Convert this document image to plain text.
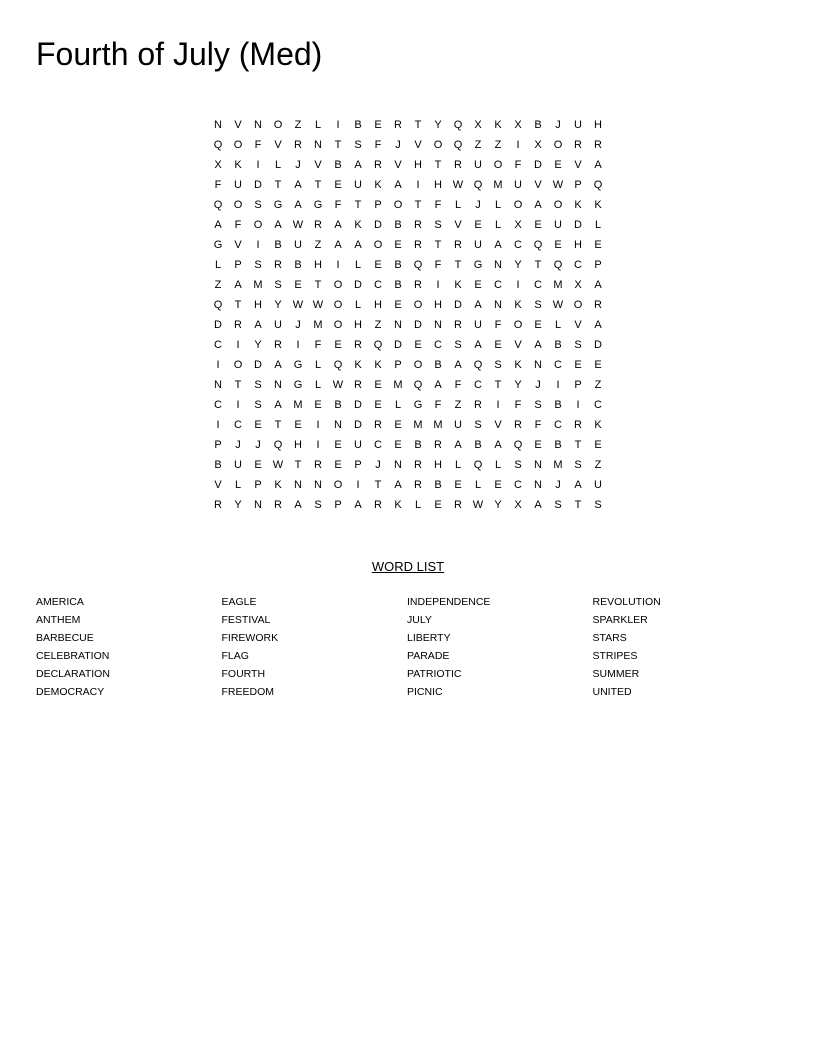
Fourth of July (Med)
N	V	N	O	Z	L	I	B	E	R	T	Y	Q	X	K	X	B	J	U	H
Q	O	F	V	R	N	T	S	F	J	V	O	Q	Z	Z	I	X	O	R	R
X	K	I	L	J	V	B	A	R	V	H	T	R	U	O	F	D	E	V	A
F	U	D	T	A	T	E	U	K	A	I	H W Q	M	U	V	W	P	Q
Q	O	S	G	A	G	F	T	P	O	T	F	L	J	L	O	A	O	K	K
A	F	O	A	W R	A	K	D	B	R	S	V	E	L	X	E	U	D	L
G	V	I	B	U	Z	A	A	O	E	R	T	R	U	A	C	Q	E	H	E
L	P	S	R	B	H	I	L	E	B	Q	F	T	G	N	Y	T	Q	C	P
Z	A	M	S	E	T	O	D	C	B	R	I	K	E	C	I	C	M	X	A
Q	T	H	Y	W W O	L	H	E	O	H	D	A	N	K	S	W O	R
D	R	A	U	J	M	O	H	Z	N	D	N	R	U	F	O	E	L	V	A
C	I	Y	R	I	F	E	R	Q	D	E	C	S	A	E	V	A	B	S	D
I	O	D	A	G	L	Q	K	K	P	O	B	A	Q	S	K	N	C	E	E
N	T	S	N	G	L	W R	E	M	Q	A	F	C	T	Y	J	I	P	Z
C	I	S	A	M	E	B	D	E	L	G	F	Z	R	I	F	S	B	I	C
I	C	E	T	E	I	N	D	R	E	M M	U	S	V	R	F	C	R	K
P	J	J	Q	H	I	E	U	C	E	B	R	A	B	A	Q	E	B	T	E
B	U	E	W	T	R	E	P	J	N	R	H	L	Q	L	S	N	M	S	Z
V	L	P	K	N	N	O	I	T	A	R	B	E	L	E	C	N	J	A	U
R	Y	N	R	A	S	P	A	R	K	L	E	R W	Y	X	A	S	T	S
WORD LIST
AMERICA
ANTHEM
BARBECUE
CELEBRATION
DECLARATION
DEMOCRACY
EAGLE
FESTIVAL
FIREWORK
FLAG
FOURTH
FREEDOM
INDEPENDENCE
JULY
LIBERTY
PARADE
PATRIOTIC
PICNIC
REVOLUTION
SPARKLER
STARS
STRIPES
SUMMER
UNITED
